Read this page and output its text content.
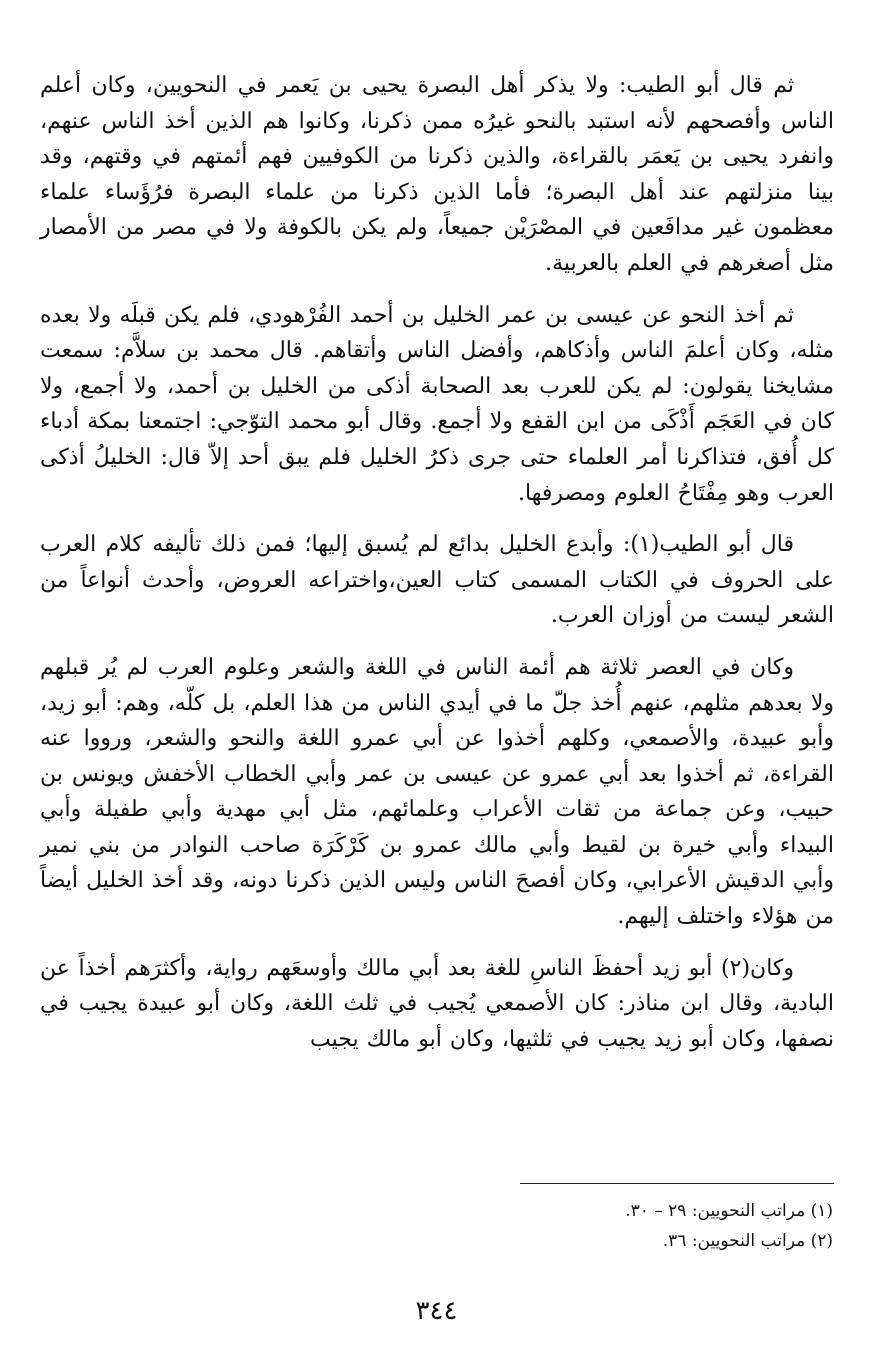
ثم قال أبو الطيب: ولا يذكر أهل البصرة يحيى بن يَعمر في النحويين، وكان أعلم الناس وأفصحهم لأنه استبد بالنحو غيرُه ممن ذكرنا، وكانوا هم الذين أخذ الناس عنهم، وانفرد يحيى بن يَعمَر بالقراءة، والذين ذكرنا من الكوفيين فهم أئمتهم في وقتهم، وقد بينا منزلتهم عند أهل البصرة؛ فأما الذين ذكرنا من علماء البصرة فرُؤَساء علماء معظمون غير مدافَعين في المصْرَيْن جميعاً، ولم يكن بالكوفة ولا في مصر من الأمصار مثل أصغرهم في العلم بالعربية.

ثم أخذ النحو عن عيسى بن عمر الخليل بن أحمد الفُرْهودي، فلم يكن قبلَه ولا بعده مثله، وكان أعلمَ الناس وأذكاهم، وأفضل الناس وأتقاهم. قال محمد بن سلاَّم: سمعت مشايخنا يقولون: لم يكن للعرب بعد الصحابة أذكى من الخليل بن أحمد، ولا أجمع، ولا كان في العَجَم أَذْكَى من ابن القفع ولا أجمع. وقال أبو محمد التوّجي: اجتمعنا بمكة أدباء كل أُفق، فتذاكرنا أمر العلماء حتى جرى ذكرُ الخليل فلم يبق أحد إلاّ قال: الخليلُ أذكى العرب وهو مِفْتَاحُ العلوم ومصرفها.

قال أبو الطيب(١): وأبدع الخليل بدائع لم يُسبق إليها؛ فمن ذلك تأليفه كلام العرب على الحروف في الكتاب المسمى كتاب العين،واختراعه العروض، وأحدث أنواعاً من الشعر ليست من أوزان العرب.

وكان في العصر ثلاثة هم أئمة الناس في اللغة والشعر وعلوم العرب لم يُر قبلهم ولا بعدهم مثلهم، عنهم أُخذ جلّ ما في أيدي الناس من هذا العلم، بل كلّه، وهم: أبو زيد، وأبو عبيدة، والأصمعي، وكلهم أخذوا عن أبي عمرو اللغة والنحو والشعر، ورووا عنه القراءة، ثم أخذوا بعد أبي عمرو عن عيسى بن عمر وأبي الخطاب الأخفش ويونس بن حبيب، وعن جماعة من ثقات الأعراب وعلمائهم، مثل أبي مهدية وأبي طفيلة وأبي البيداء وأبي خيرة بن لقيط وأبي مالك عمرو بن كَرْكَرَة صاحب النوادر من بني نمير وأبي الدقيش الأعرابي، وكان أفصحَ الناس وليس الذين ذكرنا دونه، وقد أخذ الخليل أيضاً من هؤلاء واختلف إليهم.

وكان(٢) أبو زيد أحفظَ الناسِ للغة بعد أبي مالك وأوسعَهم رواية، وأكثرَهم أخذاً عن البادية، وقال ابن مناذر: كان الأصمعي يُجيب في ثلث اللغة، وكان أبو عبيدة يجيب في نصفها، وكان أبو زيد يجيب في ثلثيها، وكان أبو مالك يجيب

(١) مراتب النحويين: ٢٩ – ٣٠.
(٢) مراتب النحويين: ٣٦.
٣٤٤
